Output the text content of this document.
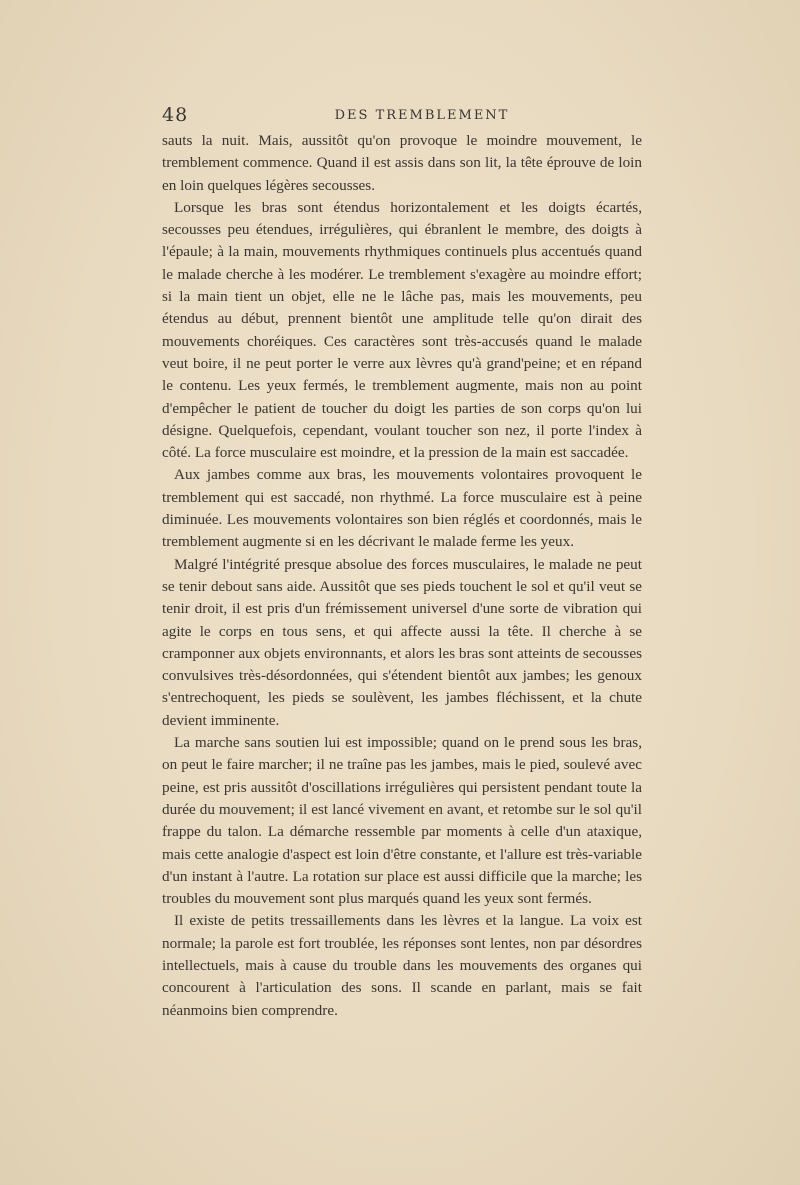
48	DES TREMBLEMENT

sauts la nuit. Mais, aussitôt qu'on provoque le moindre mouvement, le tremblement commence. Quand il est assis dans son lit, la tête éprouve de loin en loin quelques légères secousses.

Lorsque les bras sont étendus horizontalement et les doigts écartés, secousses peu étendues, irrégulières, qui ébranlent le membre, des doigts à l'épaule; à la main, mouvements rhythmiques continuels plus accentués quand le malade cherche à les modérer. Le tremblement s'exagère au moindre effort; si la main tient un objet, elle ne le lâche pas, mais les mouvements, peu étendus au début, prennent bientôt une amplitude telle qu'on dirait des mouvements choréiques. Ces caractères sont très-accusés quand le malade veut boire, il ne peut porter le verre aux lèvres qu'à grand'peine; et en répand le contenu. Les yeux fermés, le tremblement augmente, mais non au point d'empêcher le patient de toucher du doigt les parties de son corps qu'on lui désigne. Quelquefois, cependant, voulant toucher son nez, il porte l'index à côté. La force musculaire est moindre, et la pression de la main est saccadée.

Aux jambes comme aux bras, les mouvements volontaires provoquent le tremblement qui est saccadé, non rhythmé. La force musculaire est à peine diminuée. Les mouvements volontaires son bien réglés et coordonnés, mais le tremblement augmente si en les décrivant le malade ferme les yeux.

Malgré l'intégrité presque absolue des forces musculaires, le malade ne peut se tenir debout sans aide. Aussitôt que ses pieds touchent le sol et qu'il veut se tenir droit, il est pris d'un frémissement universel d'une sorte de vibration qui agite le corps en tous sens, et qui affecte aussi la tête. Il cherche à se cramponner aux objets environnants, et alors les bras sont atteints de secousses convulsives très-désordonnées, qui s'étendent bientôt aux jambes; les genoux s'entrechoquent, les pieds se soulèvent, les jambes fléchissent, et la chute devient imminente.

La marche sans soutien lui est impossible; quand on le prend sous les bras, on peut le faire marcher; il ne traîne pas les jambes, mais le pied, soulevé avec peine, est pris aussitôt d'oscillations irrégulières qui persistent pendant toute la durée du mouvement; il est lancé vivement en avant, et retombe sur le sol qu'il frappe du talon. La démarche ressemble par moments à celle d'un ataxique, mais cette analogie d'aspect est loin d'être constante, et l'allure est très-variable d'un instant à l'autre. La rotation sur place est aussi difficile que la marche; les troubles du mouvement sont plus marqués quand les yeux sont fermés.

Il existe de petits tressaillements dans les lèvres et la langue. La voix est normale; la parole est fort troublée, les réponses sont lentes, non par désordres intellectuels, mais à cause du trouble dans les mouvements des organes qui concourent à l'articulation des sons. Il scande en parlant, mais se fait néanmoins bien comprendre.
